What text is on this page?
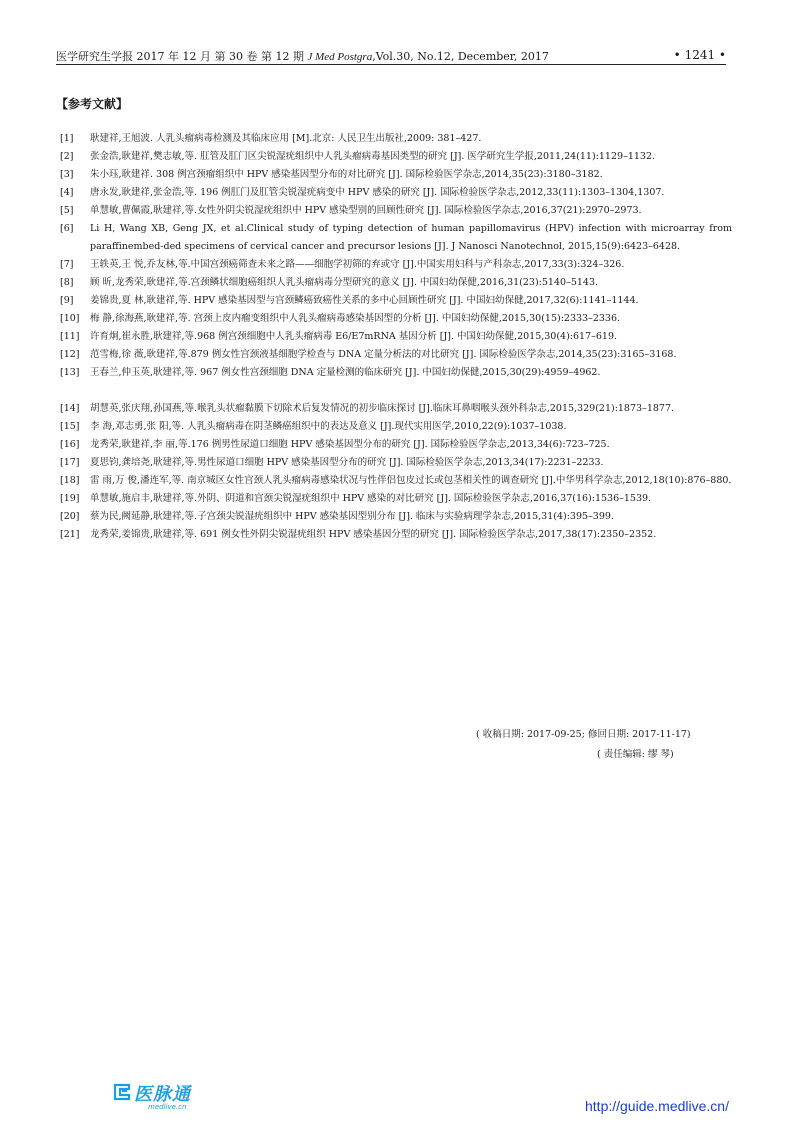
医学研究生学报 2017 年 12 月 第 30 卷 第 12 期 J Med Postgra,Vol.30, No.12, December, 2017	• 1241 •
【参考文献】

[1]	耿建祥,王旭波. 人乳头瘤病毒检测及其临床应用 [M].北京: 人民卫生出版社,2009: 381–427.

[2]	张金浩,耿建祥,樊志敏,等. 肛管及肛门区尖锐湿疣组织中人乳头瘤病毒基因类型的研究 [J]. 医学研究生学报,2011,24(11):1129–1132.

[3]	朱小珏,耿建祥. 308 例宫颈瘤组织中 HPV 感染基因型分布的对比研究 [J]. 国际检验医学杂志,2014,35(23):3180–3182.

[4]	唐永发,耿建祥,张金浩,等. 196 例肛门及肛管尖锐湿疣病变中 HPV 感染的研究 [J]. 国际检验医学杂志,2012,33(11):1303–1304,1307.

[5]	单慧敏,曹佩霞,耿建祥,等.女性外阴尖锐湿疣组织中 HPV 感染型别的回顾性研究 [J]. 国际检验医学杂志,2016,37(21):2970–2973.

[6]	Li H, Wang XB, Geng JX, et al.Clinical study of typing detection of human papillomavirus (HPV) infection with microarray from paraffinembed-ded specimens of cervical cancer and precursor lesions [J]. J Nanosci Nanotechnol, 2015,15(9):6423–6428.

[7]	王轶英,王 悦,乔友林,等.中国宫颈癌筛查未来之路——细胞学初筛的弃或守 [J].中国实用妇科与产科杂志,2017,33(3):324–326.

[8]	顾 昕,龙秀荣,耿建祥,等.宫颈鳞状细胞癌组织人乳头瘤病毒分型研究的意义 [J]. 中国妇幼保健,2016,31(23):5140–5143.

[9]	姜锦贵,夏 林,耿建祥,等. HPV 感染基因型与宫颈鳞癌致癌性关系的多中心回顾性研究 [J]. 中国妇幼保健,2017,32(6):1141–1144.

[10]	梅 静,徐海燕,耿建祥,等. 宫颈上皮内瘤变组织中人乳头瘤病毒感染基因型的分析 [J]. 中国妇幼保健,2015,30(15):2333–2336.

[11]	许育炯,崔永胜,耿建祥,等.968 例宫颈细胞中人乳头瘤病毒 E6/E7mRNA 基因分析 [J]. 中国妇幼保健,2015,30(4):617–619.

[12]	范雪梅,徐 薇,耿建祥,等.879 例女性宫颈液基细胞学检查与 DNA 定量分析法的对比研究 [J]. 国际检验医学杂志,2014,35(23):3165–3168.

[13]	王春兰,仲玉英,耿建祥,等. 967 例女性宫颈细胞 DNA 定量检测的临床研究 [J]. 中国妇幼保健,2015,30(29):4959–4962.

[14]	胡慧英,张庆翔,孙国燕,等.喉乳头状瘤黏膜下切除术后复发情况的初步临床探讨 [J].临床耳鼻咽喉头颈外科杂志,2015,329(21):1873–1877.

[15]	李 海,邓志勇,张 阳,等. 人乳头瘤病毒在阴茎鳞癌组织中的表达及意义 [J].现代实用医学,2010,22(9):1037–1038.

[16]	龙秀荣,耿建祥,李 丽,等.176 例男性尿道口细胞 HPV 感染基因型分布的研究 [J]. 国际检验医学杂志,2013,34(6):723–725.

[17]	夏思钧,龚培尧,耿建祥,等.男性尿道口细胞 HPV 感染基因型分布的研究 [J]. 国际检验医学杂志,2013,34(17):2231–2233.

[18]	雷 雨,万 俊,潘连军,等. 南京城区女性宫颈人乳头瘤病毒感染状况与性伴侣包皮过长或包茎相关性的调查研究 [J].中华男科学杂志,2012,18(10):876–880.

[19]	单慧敏,施启丰,耿建祥,等.外阴、阴道和宫颈尖锐湿疣组织中 HPV 感染的对比研究 [J]. 国际检验医学杂志,2016,37(16):1536–1539.

[20]	蔡为民,阙延静,耿建祥,等.子宫颈尖锐湿疣组织中 HPV 感染基因型别分布 [J]. 临床与实验病理学杂志,2015,31(4):395–399.

[21]	龙秀荣,姜锦贵,耿建祥,等. 691 例女性外阴尖锐湿疣组织 HPV 感染基因分型的研究 [J]. 国际检验医学杂志,2017,38(17):2350–2352.

( 收稿日期: 2017-09-25; 修回日期: 2017-11-17)
( 责任编辑: 缪 琴)
医脉通
medlive.cn	http://guide.medlive.cn/
